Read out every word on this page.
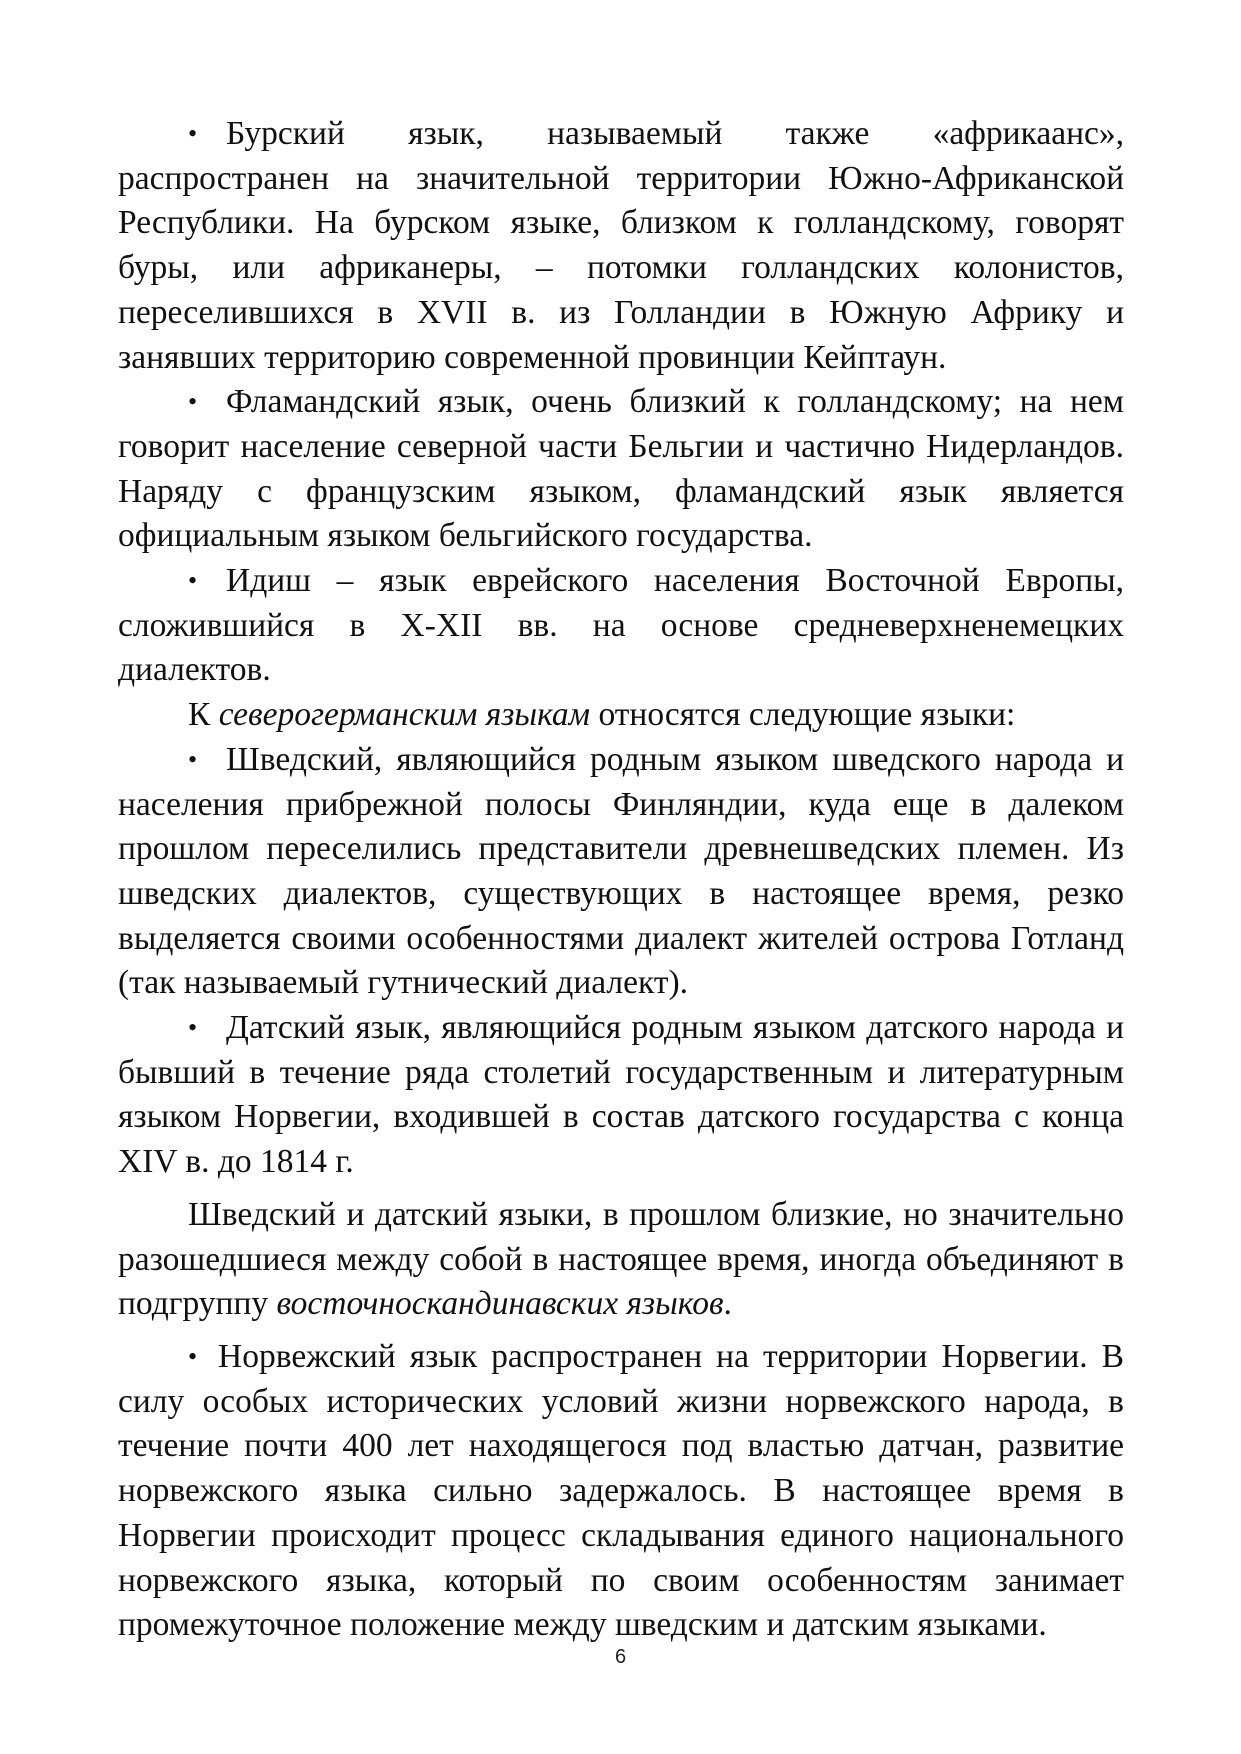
• Бурский язык, называемый также «африкаанс», распространен на значительной территории Южно-Африканской Республики. На бурском языке, близком к голландскому, говорят буры, или африканеры, – потомки голландских колонистов, переселившихся в XVII в. из Голландии в Южную Африку и занявших территорию современной провинции Кейптаун.

• Фламандский язык, очень близкий к голландскому; на нем говорит население северной части Бельгии и частично Нидерландов. Наряду с французским языком, фламандский язык является официальным языком бельгийского государства.

• Идиш – язык еврейского населения Восточной Европы, сложившийся в X-XII вв. на основе средневерхненемецких диалектов.

К северогерманским языкам относятся следующие языки:

• Шведский, являющийся родным языком шведского народа и населения прибрежной полосы Финляндии, куда еще в далеком прошлом переселились представители древнешведских племен. Из шведских диалектов, существующих в настоящее время, резко выделяется своими особенностями диалект жителей острова Готланд (так называемый гутнический диалект).

• Датский язык, являющийся родным языком датского народа и бывший в течение ряда столетий государственным и литературным языком Норвегии, входившей в состав датского государства с конца XIV в. до 1814 г.

Шведский и датский языки, в прошлом близкие, но значительно разошедшиеся между собой в настоящее время, иногда объединяют в подгруппу восточноскандинавских языков.

• Норвежский язык распространен на территории Норвегии. В силу особых исторических условий жизни норвежского народа, в течение почти 400 лет находящегося под властью датчан, развитие норвежского языка сильно задержалось. В настоящее время в Норвегии происходит процесс складывания единого национального норвежского языка, который по своим особенностям занимает промежуточное положение между шведским и датским языками.

6
